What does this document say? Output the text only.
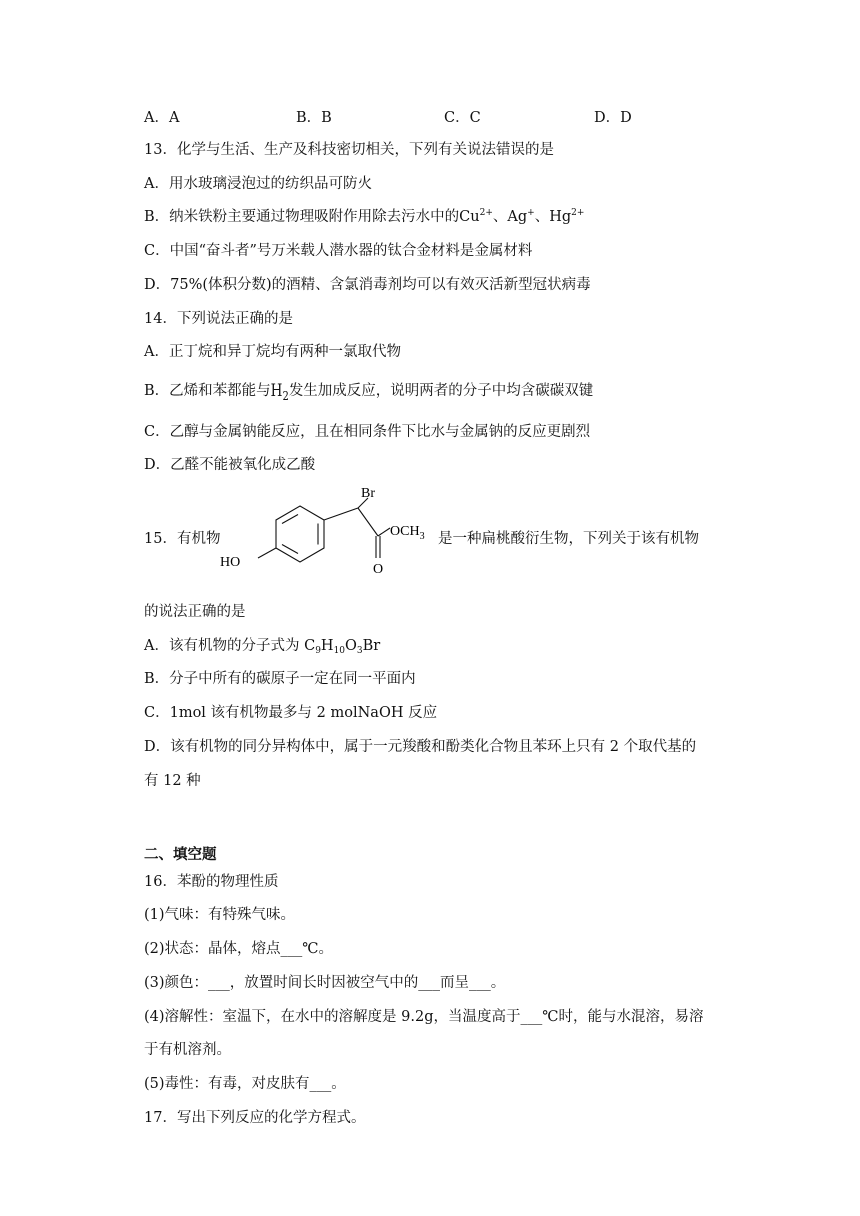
A．A	B．B	C．C	D．D
13．化学与生活、生产及科技密切相关，下列有关说法错误的是
A．用水玻璃浸泡过的纺织品可防火
B．纳米铁粉主要通过物理吸附作用除去污水中的$Cu^{2+}$、Ag+、$Hg^{2+}$
C．中国“奋斗者”号万米载人潜水器的钛合金材料是金属材料
D．75%(体积分数)的酒精、含氯消毒剂均可以有效灭活新型冠状病毒
14．下列说法正确的是
A．正丁烷和异丁烷均有两种一氯取代物
B．乙烯和苯都能与$H_2$发生加成反应，说明两者的分子中均含碳碳双键
C．乙醇与金属钠能反应，且在相同条件下比水与金属钠的反应更剧烈
D．乙醛不能被氧化成乙酸
15．有机物
Br
$OCH_3$
HO	O
是一种扁桃酸衍生物，下列关于该有机物
的说法正确的是
A．该有机物的分子式为 $C_9H_{10}O_3Br$
B．分子中所有的碳原子一定在同一平面内
C．1mol 该有机物最多与 2 molNaOH 反应
D．该有机物的同分异构体中，属于一元羧酸和酚类化合物且苯环上只有 2 个取代基的
有 12 种
二、填空题
16．苯酚的物理性质
(1)气味：有特殊气味。
(2)状态：晶体，熔点___℃。
(3)颜色：___，放置时间长时因被空气中的___而呈___。
(4)溶解性：室温下，在水中的溶解度是 9.2g，当温度高于___℃时，能与水混溶，易溶
于有机溶剂。
(5)毒性：有毒，对皮肤有___。
17．写出下列反应的化学方程式。
